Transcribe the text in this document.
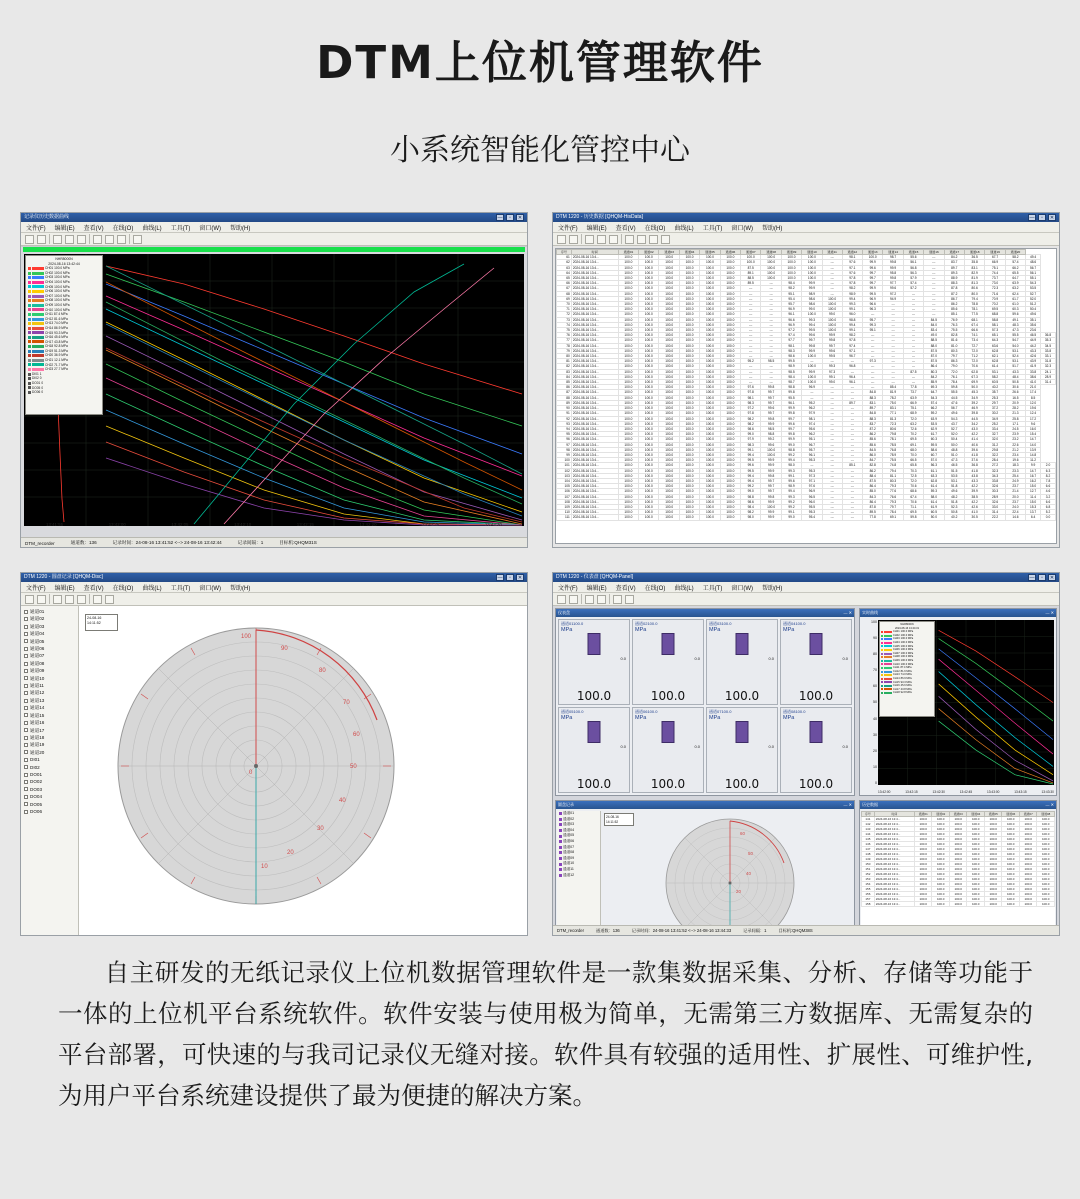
DTM上位机管理软件
小系统智能化管控中心
记录仪历史数据曲线	—	▫	✕
文件(F) 编辑(E) 查看(V) 在线(O) 曲线(L) 工具(T) 窗口(W) 帮助(H)
NHR8000N
2024-08-16 13:42:44
CH01 100.0 MPa
CH02 100.0 MPa
CH03 100.0 MPa
CH04 100.0 MPa
CH05 100.0 MPa
CH06 100.0 MPa
CH07 100.0 MPa
CH08 100.0 MPa
CH09 100.0 MPa
CH10 100.0 MPa
CH11 87.4 MPa
CH12 81.6 MPa
CH13 74.0 MPa
CH14 86.9 MPa
CH15 93.3 MPa
CH16 45.6 MPa
CH17 43.8 MPa
CH18 92.8 MPa
CH19 51.3 MPa
CH20 36.9 MPa
CH21 12.1 MPa
CH22 71.7 MPa
CH23 27.7 MPa
DI01 1
DI02 0
DO01 0
DO05 0
DO06 0
13:41:55	13:42:00	13:42:05	13:42:10	13:42:15	13:42:20	13:42:25	13:42:30
DTM_recorder	通道数：136	记录时间：24-08-16 13:41:52 <--> 24-08-16 13:42:44	记录间隔：1	目标机:QHQM31S
DTM 1220 - 历史数据 [QHQM-HisData]	—	▫	✕
文件(F) 编辑(E) 查看(V) 在线(O) 曲线(L) 工具(T) 窗口(W) 帮助(H)
序号	时间	通道01	通道02	通道03	通道04	通道05	通道06	通道07	通道08	通道09	通道10	通道11	通道12	通道13	通道14	通道15	通道16	通道17	通道18	通道19	通道20		
61	2024-08-16 13:4...	100.0	100.0	100.0	100.0	100.0	100.0	100.0	100.0	100.0	100.0	---	98.1	100.0	98.7	55.6	---	84.2	36.5	67.7	58.2	49.4	
62	2024-08-16 13:4...	100.0	100.0	100.0	100.0	100.0	100.0	100.0	100.0	100.0	100.0	---	97.6	99.9	99.8	56.1	---	83.7	35.8	66.9	57.4	48.6	
63	2024-08-16 13:4...	100.0	100.0	100.0	100.0	100.0	100.0	87.5	100.0	100.0	100.0	---	97.1	99.6	99.9	56.8	---	89.7	83.1	75.1	66.2	56.7	
64	2024-08-16 13:4...	100.0	100.0	100.0	100.0	100.0	100.0	89.1	100.0	100.0	100.0	---	97.6	99.7	95.8	56.3	---	89.3	82.9	74.4	65.5	56.1	
65	2024-08-16 13:4...	100.0	100.0	100.0	100.0	100.0	100.0	88.5	100.0	100.0	100.0	---	97.8	99.7	99.8	57.9	---	88.9	81.9	73.7	64.7	55.1	
66	2024-08-16 13:4...	100.0	100.0	100.0	100.0	100.0	100.0	89.5	---	98.4	99.9	---	97.8	99.7	97.7	57.4	---	88.3	81.3	73.0	63.9	54.3	
67	2024-08-16 13:4...	100.0	100.0	100.0	100.0	100.0	100.0	---	---	98.2	99.9	---	98.2	99.9	99.6	57.2	---	87.8	80.6	72.3	63.2	53.5	
68	2024-08-16 13:4...	100.0	100.0	100.0	100.0	100.0	100.0	---	---	95.1	98.9	---	98.9	99.5	97.2	---	---	87.2	80.0	71.6	62.4	52.7	
69	2024-08-16 13:4...	100.0	100.0	100.0	100.0	100.0	100.0	---	---	95.4	98.6	100.0	99.4	96.9	94.9	---	---	86.7	79.4	70.9	61.7	52.0	
70	2024-08-16 13:4...	100.0	100.0	100.0	100.0	100.0	100.0	---	---	95.7	98.6	100.0	99.3	96.6	---	---	---	86.2	78.8	70.2	61.0	51.2	
71	2024-08-16 13:4...	100.0	100.0	100.0	100.0	100.0	100.0	---	---	96.9	99.0	100.0	99.1	96.3	---	---	---	85.6	78.1	69.5	60.3	50.4	
72	2024-08-16 13:4...	100.0	100.0	100.0	100.0	100.0	100.0	---	---	96.1	100.0	99.0	96.0	---	---	---	---	85.1	77.5	68.8	59.6	49.6	
73	2024-08-16 13:4...	100.0	100.0	100.0	100.0	100.0	100.0	---	---	96.6	99.3	100.0	98.8	95.7	---	---	84.5	76.9	68.1	58.8	49.1	35.1	
74	2024-08-16 13:4...	100.0	100.0	100.0	100.0	100.0	100.0	---	---	96.9	99.4	100.0	99.4	99.3	---	---	84.0	76.3	67.4	58.1	48.3	35.6	
75	2024-08-16 13:4...	100.0	100.0	100.0	100.0	100.0	100.0	---	---	97.2	99.5	100.0	99.1	95.1	---	---	83.4	75.5	66.6	57.3	47.3	23.6	
76	2024-08-16 13:4...	100.0	100.0	100.0	100.0	100.0	100.0	---	---	97.4	99.6	99.9	98.2	---	---	---	49.0	82.8	74.1	65.1	55.5	46.5	36.8
77	2024-08-16 13:4...	100.0	100.0	100.0	100.0	100.0	100.0	---	---	97.7	99.7	99.8	97.8	---	---	---	88.5	81.6	73.4	64.3	54.7	44.9	35.3
78	2024-08-16 13:4...	100.0	100.0	100.0	100.0	100.0	100.0	---	---	98.1	99.8	99.7	97.4	---	---	---	88.0	81.0	72.7	63.6	54.0	44.2	34.5
79	2024-08-16 13:4...	100.0	100.0	100.0	100.0	100.0	100.0	---	---	98.3	99.9	99.6	97.1	---	---	---	87.5	80.3	72.0	62.8	53.1	43.3	33.8
80	2024-08-16 13:4...	100.0	100.0	100.0	100.0	100.0	100.0	---	---	98.6	100.0	99.5	96.7	---	---	---	87.0	79.7	71.2	62.1	52.4	42.6	33.1
81	2024-08-16 13:4...	100.0	100.0	100.0	100.0	100.0	100.0	95.2	98.5	99.5	---	---	---	97.3	---	---	87.5	86.3	72.0	62.8	53.1	43.9	31.8
82	2024-08-16 13:4...	100.0	100.0	100.0	100.0	100.0	100.0	---	---	98.9	100.0	99.3	96.8	---	---	---	86.4	79.0	70.6	61.4	51.7	41.9	32.3
83	2024-08-16 13:4...	100.0	100.0	100.0	100.0	100.0	100.0	---	---	98.5	99.9	97.3	---	---	---	87.5	80.3	72.0	62.8	53.1	43.3	33.8	24.1
84	2024-08-16 13:4...	100.0	100.0	100.0	100.0	100.0	100.0	---	---	98.4	100.0	99.1	96.4	---	---	---	84.2	76.1	67.3	58.2	48.4	38.6	28.9
85	2024-08-16 13:4...	100.0	100.0	100.0	100.0	100.0	100.0	---	---	98.7	100.0	99.0	96.1	---	---	---	85.9	78.4	69.9	60.5	50.8	41.0	31.4
86	2024-08-16 13:4...	100.0	100.0	100.0	100.0	100.0	100.0	97.6	99.8	98.8	96.9	---	---	---	85.4	77.8	69.3	59.8	50.0	40.2	30.6	21.0	
87	2024-08-16 13:4...	100.0	100.0	100.0	100.0	100.0	100.0	97.8	99.7	99.8	---	---	---	84.8	81.9	73.7	64.7	55.5	45.3	35.7	26.6	17.4	
88	2024-08-16 13:4...	100.0	100.0	100.0	100.0	100.0	100.0	98.1	99.7	95.5	---	---	---	88.3	78.2	63.9	54.3	44.5	34.9	25.3	16.5	8.5	
89	2024-08-16 13:4...	100.0	100.0	100.0	100.0	100.0	100.0	98.3	99.7	96.1	95.2	---	89.7	83.1	75.0	66.9	57.4	47.6	39.2	29.7	20.9	12.0	
90	2024-08-16 13:4...	100.0	100.0	100.0	100.0	100.0	100.0	97.2	99.6	99.9	96.2	---	---	89.7	83.1	75.1	66.2	56.7	46.9	37.2	28.2	19.6	
91	2024-08-16 13:4...	100.0	100.0	100.0	100.0	100.0	100.0	97.8	99.7	99.8	97.9	---	---	84.8	77.1	68.9	59.2	49.6	39.8	30.2	21.3	12.4	
92	2024-08-16 13:4...	100.0	100.0	100.0	100.0	100.0	100.0	98.2	99.8	99.7	98.1	---	---	88.3	81.3	72.0	63.9	54.3	44.5	34.9	25.8	17.2	
93	2024-08-16 13:4...	100.0	100.0	100.0	100.0	100.0	100.0	98.2	99.9	99.6	97.4	---	---	83.7	72.3	63.2	53.5	43.7	34.2	25.2	17.1	9.6	
94	2024-08-16 13:4...	100.0	100.0	100.0	100.0	100.0	100.0	98.6	98.5	99.7	95.6	---	---	87.2	80.6	72.6	62.9	52.7	43.0	33.4	24.5	16.0	
95	2024-08-16 13:4...	100.0	100.0	100.0	100.0	100.0	100.0	99.0	98.8	99.8	96.2	---	---	86.2	79.8	70.2	61.7	52.0	42.2	32.7	23.9	15.4	
96	2024-08-16 13:4...	100.0	100.0	100.0	100.0	100.0	100.0	97.9	99.2	99.9	95.1	---	---	85.6	78.1	69.5	60.3	50.4	41.4	32.0	23.2	14.7	
97	2024-08-16 13:4...	100.0	100.0	100.0	100.0	100.0	100.0	98.3	99.6	99.0	96.7	---	---	85.6	78.5	69.1	59.5	50.0	40.6	31.2	22.6	14.0	
98	2024-08-16 13:4...	100.0	100.0	100.0	100.0	100.0	100.0	99.1	100.0	98.8	95.7	---	---	84.5	76.8	68.0	58.6	48.8	39.6	29.8	21.2	13.9	
99	2024-08-16 13:4...	100.0	100.0	100.0	100.0	100.0	100.0	99.4	100.0	99.2	96.1	---	---	86.0	78.9	70.0	60.7	51.0	41.8	32.2	23.4	14.8	
100	2024-08-16 13:4...	100.0	100.0	100.0	100.0	100.0	100.0	99.5	99.9	99.4	95.3	---	---	84.7	75.5	66.5	57.0	47.3	37.6	28.4	19.6	11.2	
101	2024-08-16 13:4...	100.0	100.0	100.0	100.0	100.0	100.0	99.6	99.9	98.0	---	---	85.1	82.8	74.8	65.8	56.3	46.5	36.8	27.2	18.3	9.9	2.0
102	2024-08-16 13:4...	100.0	100.0	100.0	100.0	100.0	100.0	99.5	99.9	99.3	95.3	---	---	86.2	79.4	70.3	61.1	51.5	41.8	32.3	23.3	14.7	6.3
103	2024-08-16 13:4...	100.0	100.0	100.0	100.0	100.0	100.0	99.4	99.8	99.1	97.3	---	---	88.4	81.1	72.5	63.3	53.5	43.8	34.3	25.4	16.7	8.2
104	2024-08-16 13:4...	100.0	100.0	100.0	100.0	100.0	100.0	99.4	99.7	99.6	97.1	---	---	87.5	80.3	72.0	62.8	53.1	43.3	33.8	24.9	16.2	7.8
105	2024-08-16 13:4...	100.0	100.0	100.0	100.0	100.0	100.0	99.2	99.7	98.9	97.6	---	---	86.4	79.3	70.6	61.4	51.8	42.2	32.6	23.7	15.0	6.6
106	2024-08-16 13:4...	100.0	100.0	100.0	100.0	100.0	100.0	99.0	99.7	99.4	96.9	---	---	85.0	77.6	68.6	59.3	49.6	39.9	30.3	21.4	12.7	4.6
107	2024-08-16 13:4...	100.0	100.0	100.0	100.0	100.0	100.0	98.8	99.8	99.3	96.5	---	---	84.3	76.6	67.4	58.0	48.2	38.5	28.9	20.0	11.4	3.2
108	2024-08-16 13:4...	100.0	100.0	100.0	100.0	100.0	100.0	98.6	99.9	99.2	96.0	---	---	86.4	79.3	70.6	61.4	51.8	42.2	32.6	23.7	15.0	6.6
109	2024-08-16 13:4...	100.0	100.0	100.0	100.0	100.0	100.0	98.4	100.0	99.2	95.5	---	---	87.8	79.7	71.1	61.9	52.3	42.6	33.0	24.0	15.3	6.8
110	2024-08-16 13:4...	100.0	100.0	100.0	100.0	100.0	100.0	98.2	99.9	99.1	95.3	---	---	89.5	78.4	69.5	60.5	50.8	41.0	31.4	22.4	13.7	5.2
111	2024-08-16 13:4...	100.0	100.0	100.0	100.0	100.0	100.0	98.0	99.9	99.0	95.4	---	---	77.8	69.1	59.8	50.0	40.2	30.5	22.2	14.6	6.4	0.0
DTM 1220 - 圆盘记录 [QHQM-Disc]	—	▫	✕
文件(F) 编辑(E) 查看(V) 在线(O) 曲线(L) 工具(T) 窗口(W) 帮助(H)
通道01
通道02
通道03
通道04
通道05
通道06
通道07
通道08
通道09
通道10
通道11
通道12
通道13
通道14
通道15
通道16
通道17
通道18
通道19
通道20
DI01
DI02
DO01
DO02
DO03
DO04
DO05
DO06
24-08-16
14:11:52
100
90
80
70
60
50
40
30
20
10
0
DTM 1220 - 仪表盘 [QHQM-Panel]	—	▫	✕
文件(F) 编辑(E) 查看(V) 在线(O) 曲线(L) 工具(T) 窗口(W) 帮助(H)
仪表盘	— ✕
通道01100.0
MPa
0.0
100.0
通道02100.0
MPa
0.0
100.0
通道03100.0
MPa
0.0
100.0
通道04100.0
MPa
0.0
100.0
通道05100.0
MPa
0.0
100.0
通道06100.0
MPa
0.0
100.0
通道07100.0
MPa
0.0
100.0
通道08100.0
MPa
0.0
100.0
实时曲线	— ✕
100
90
80
70
60
50
40
30
20
10
0
NHR8000N
2024-08-16 13:44:31
CH01 100.0 MPa
CH02 100.0 MPa
CH03 100.0 MPa
CH04 100.0 MPa
CH05 100.0 MPa
CH06 100.0 MPa
CH07 100.0 MPa
CH08 100.0 MPa
CH09 100.0 MPa
CH10 100.0 MPa
CH11 87.4 MPa
CH12 81.6 MPa
CH13 74.0 MPa
CH14 86.9 MPa
CH15 93.3 MPa
CH16 45.6 MPa
CH17 43.8 MPa
CH18 92.8 MPa
13:42:00	13:42:15	13:42:30	13:42:45	13:43:00	13:43:15	13:43:30
圆盘记录	— ✕
通道01
通道02
通道03
通道04
通道05
通道06
通道07
通道08
通道09
通道10
通道11
通道12
24-08-16
14:11:52
60
50
40
20
历史数据	— ✕
序号	时间	通道01	通道02	通道03	通道04	通道05	通道06	通道07	通道08
141	2024-08-16 13:4...	100.0	100.0	100.0	100.0	100.0	100.0	100.0	100.0
142	2024-08-16 13:4...	100.0	100.0	100.0	100.0	100.0	100.0	100.0	100.0
143	2024-08-16 13:4...	100.0	100.0	100.0	100.0	100.0	100.0	100.0	100.0
144	2024-08-16 13:4...	100.0	100.0	100.0	100.0	100.0	100.0	100.0	100.0
145	2024-08-16 13:4...	100.0	100.0	100.0	100.0	100.0	100.0	100.0	100.0
146	2024-08-16 13:4...	100.0	100.0	100.0	100.0	100.0	100.0	100.0	100.0
147	2024-08-16 13:4...	100.0	100.0	100.0	100.0	100.0	100.0	100.0	100.0
148	2024-08-16 13:4...	100.0	100.0	100.0	100.0	100.0	100.0	100.0	100.0
149	2024-08-16 13:4...	100.0	100.0	100.0	100.0	100.0	100.0	100.0	100.0
150	2024-08-16 13:4...	100.0	100.0	100.0	100.0	100.0	100.0	100.0	100.0
151	2024-08-16 13:4...	100.0	100.0	100.0	100.0	100.0	100.0	100.0	100.0
152	2024-08-16 13:4...	100.0	100.0	100.0	100.0	100.0	100.0	100.0	100.0
153	2024-08-16 13:4...	100.0	100.0	100.0	100.0	100.0	100.0	100.0	100.0
154	2024-08-16 13:4...	100.0	100.0	100.0	100.0	100.0	100.0	100.0	100.0
155	2024-08-16 13:4...	100.0	100.0	100.0	100.0	100.0	100.0	100.0	100.0
156	2024-08-16 13:4...	100.0	100.0	100.0	100.0	100.0	100.0	100.0	100.0
157	2024-08-16 13:4...	100.0	100.0	100.0	100.0	100.0	100.0	100.0	100.0
158	2024-08-16 13:4...	100.0	100.0	100.0	100.0	100.0	100.0	100.0	100.0
DTM_recorder	通道数：136	记录时间：24-08-16 13:41:52 <--> 24-08-16 13:44:33	记录间隔：1	目标机:QHQM38S
自主研发的无纸记录仪上位机数据管理软件是一款集数据采集、分析、存储等功能于一体的上位机平台系统软件。软件安装与使用极为简单，无需第三方数据库、无需复杂的平台部署，可快速的与我司记录仪无缝对接。软件具有较强的适用性、扩展性、可维护性,为用户平台系统建设提供了最为便捷的解决方案。
